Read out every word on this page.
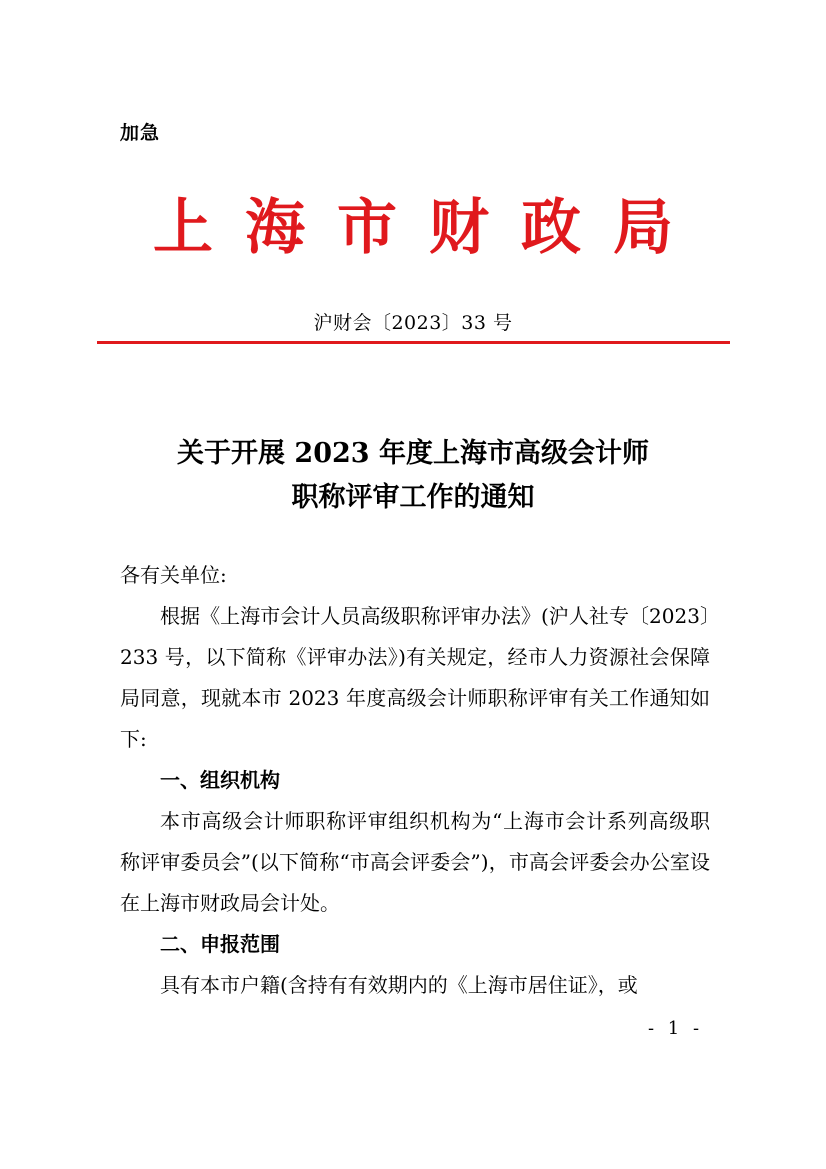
加急
上海市财政局
沪财会〔2023〕33 号
关于开展 2023 年度上海市高级会计师
职称评审工作的通知

各有关单位:

根据《上海市会计人员高级职称评审办法》(沪人社专〔2023〕233 号，以下简称《评审办法》)有关规定，经市人力资源社会保障局同意，现就本市 2023 年度高级会计师职称评审有关工作通知如下:

一、组织机构

本市高级会计师职称评审组织机构为“上海市会计系列高级职称评审委员会”(以下简称“市高会评委会”)，市高会评委会办公室设在上海市财政局会计处。

二、申报范围

具有本市户籍(含持有有效期内的《上海市居住证》，或

- 1 -
